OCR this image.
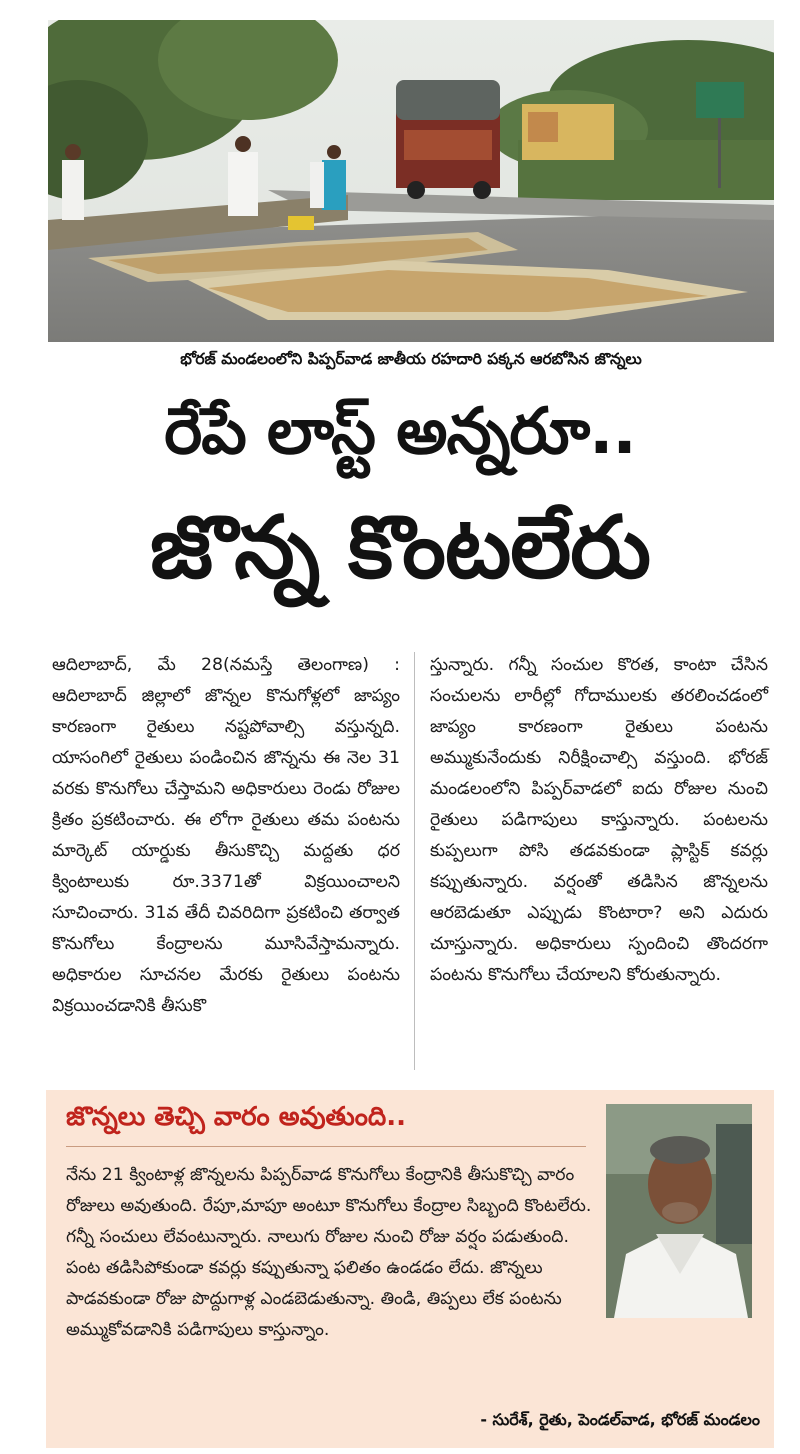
భోరజ్ మండలంలోని పిప్పర్‌వాడ జాతీయ రహదారి పక్కన ఆరబోసిన జొన్నలు
రేపే లాస్ట్ అన్నరూ..
జొన్న కొంటలేరు
ఆదిలాబాద్, మే 28(నమస్తే తెలంగాణ) : ఆదిలాబాద్ జిల్లాలో జొన్నల కొనుగోళ్లలో జాప్యం కారణంగా రైతులు నష్టపోవాల్సి వస్తున్నది. యాసంగిలో రైతులు పండించిన జొన్నను ఈ నెల 31 వరకు కొనుగోలు చేస్తామని అధికారులు రెండు రోజుల క్రితం ప్రకటించారు. ఈ లోగా రైతులు తమ పంటను మార్కెట్ యార్డుకు తీసుకొచ్చి మద్దతు ధర క్వింటాలుకు రూ.3371తో విక్రయించాలని సూచించారు. 31వ తేదీ చివరిదిగా ప్రకటించి తర్వాత కొనుగోలు కేంద్రాలను మూసివేస్తామన్నారు. అధికారుల సూచనల మేరకు రైతులు పంటను విక్రయించడానికి తీసుకొ
స్తున్నారు. గన్నీ సంచుల కొరత, కాంటా చేసిన సంచులను లారీల్లో గోదాములకు తరలించడంలో జాప్యం కారణంగా రైతులు పంటను అమ్ముకునేందుకు నిరీక్షించాల్సి వస్తుంది. భోరజ్ మండలంలోని పిప్పర్‌వాడలో ఐదు రోజుల నుంచి రైతులు పడిగాపులు కాస్తున్నారు. పంటలను కుప్పలుగా పోసి తడవకుండా ప్లాస్టిక్ కవర్లు కప్పుతున్నారు. వర్షంతో తడిసిన జొన్నలను ఆరబెడుతూ ఎప్పుడు కొంటారా? అని ఎదురు చూస్తున్నారు. అధికారులు స్పందించి తొందరగా పంటను కొనుగోలు చేయాలని కోరుతున్నారు.
జొన్నలు తెచ్చి వారం అవుతుంది..
నేను 21 క్వింటాళ్ల జొన్నలను పిప్పర్‌వాడ కొనుగోలు కేంద్రానికి తీసుకొచ్చి వారం రోజులు అవుతుంది. రేపూ,మాపూ అంటూ కొనుగోలు కేంద్రాల సిబ్బంది కొంటలేరు. గన్నీ సంచులు లేవంటున్నారు. నాలుగు రోజుల నుంచి రోజు వర్షం పడుతుంది. పంట తడిసిపోకుండా కవర్లు కప్పుతున్నా ఫలితం ఉండడం లేదు. జొన్నలు పాడవకుండా రోజు పొద్దుగాళ్ల ఎండబెడుతున్నా. తిండి, తిప్పలు లేక పంటను అమ్ముకోవడానికి పడిగాపులు కాస్తున్నాం.
- సురేశ్, రైతు, పెండల్‌వాడ, భోరజ్ మండలం
